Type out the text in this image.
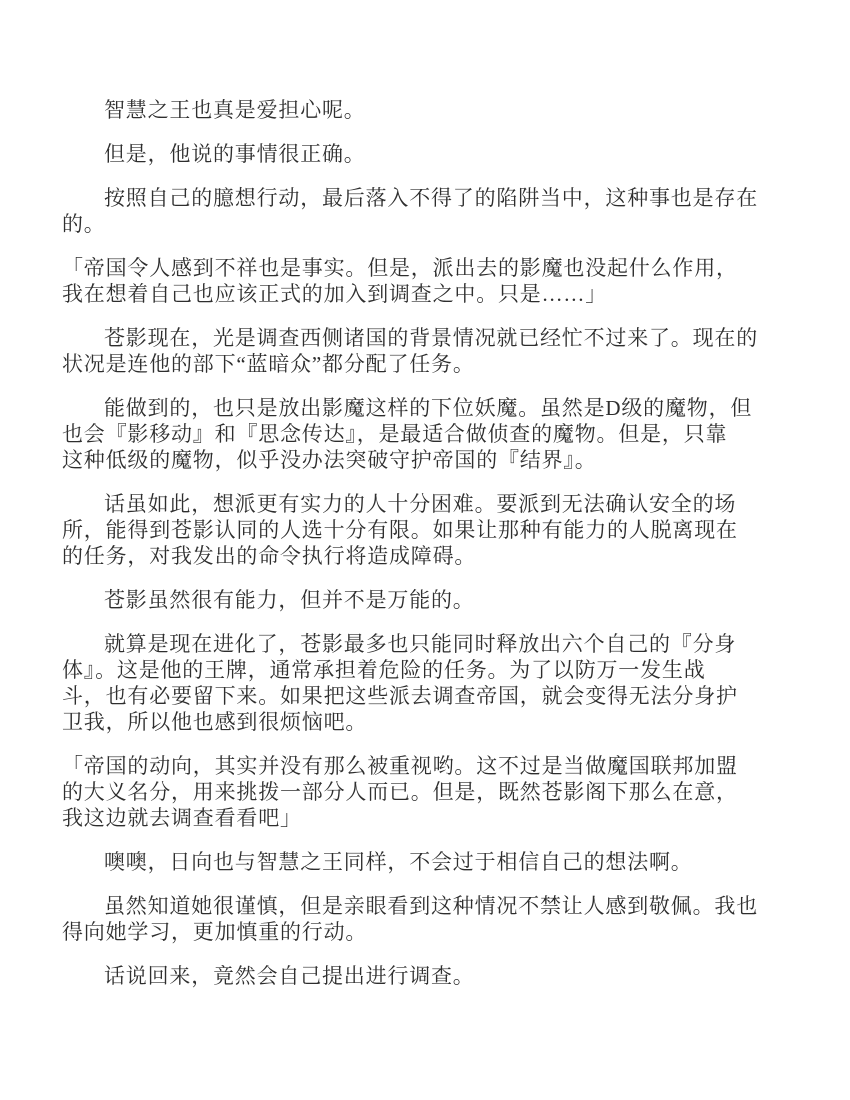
智慧之王也真是爱担心呢。

但是，他说的事情很正确。

按照自己的臆想行动，最后落入不得了的陷阱当中，这种事也是存在
的。

「帝国令人感到不祥也是事实。但是，派出去的影魔也没起什么作用，
我在想着自己也应该正式的加入到调查之中。只是……」

苍影现在，光是调查西侧诸国的背景情况就已经忙不过来了。现在的
状况是连他的部下“蓝暗众”都分配了任务。

能做到的，也只是放出影魔这样的下位妖魔。虽然是D级的魔物，但
也会『影移动』和『思念传达』，是最适合做侦查的魔物。但是，只靠
这种低级的魔物，似乎没办法突破守护帝国的『结界』。

话虽如此，想派更有实力的人十分困难。要派到无法确认安全的场
所，能得到苍影认同的人选十分有限。如果让那种有能力的人脱离现在
的任务，对我发出的命令执行将造成障碍。

苍影虽然很有能力，但并不是万能的。

就算是现在进化了，苍影最多也只能同时释放出六个自己的『分身
体』。这是他的王牌，通常承担着危险的任务。为了以防万一发生战
斗，也有必要留下来。如果把这些派去调查帝国，就会变得无法分身护
卫我，所以他也感到很烦恼吧。

「帝国的动向，其实并没有那么被重视哟。这不过是当做魔国联邦加盟
的大义名分，用来挑拨一部分人而已。但是，既然苍影阁下那么在意，
我这边就去调查看看吧」

噢噢，日向也与智慧之王同样，不会过于相信自己的想法啊。

虽然知道她很谨慎，但是亲眼看到这种情况不禁让人感到敬佩。我也
得向她学习，更加慎重的行动。

话说回来，竟然会自己提出进行调查。
